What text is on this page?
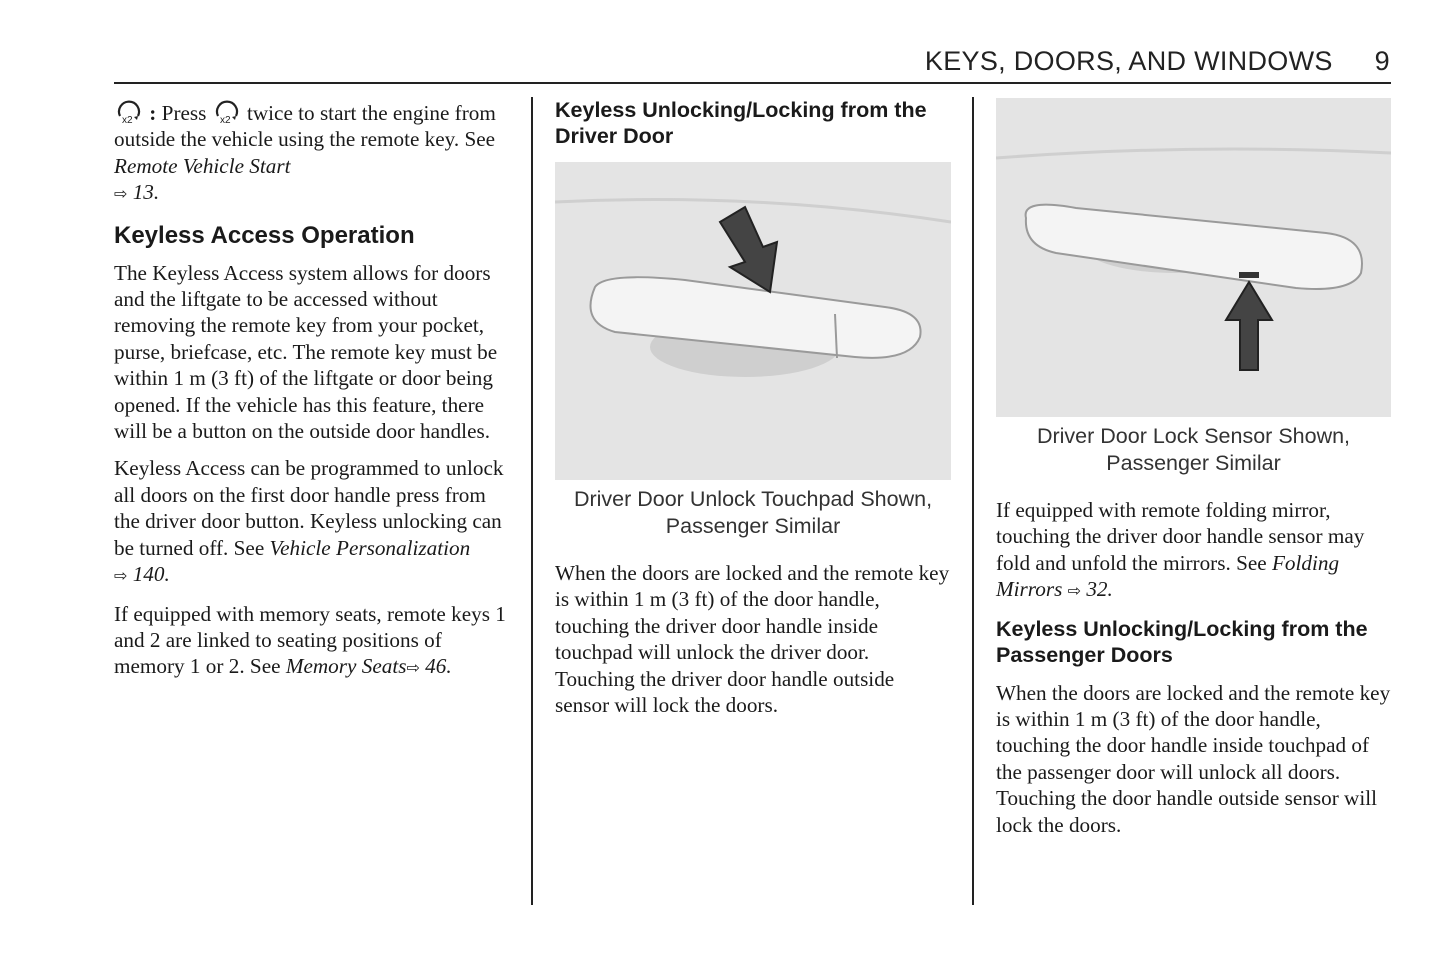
KEYS, DOORS, AND WINDOWS 9

x2 : Press x2 twice to start the engine from outside the vehicle using the remote key. See Remote Vehicle Start
⇨ 13.

Keyless Access Operation

The Keyless Access system allows for doors and the liftgate to be accessed without removing the remote key from your pocket, purse, briefcase, etc. The remote key must be within 1 m (3 ft) of the liftgate or door being opened. If the vehicle has this feature, there will be a button on the outside door handles.

Keyless Access can be programmed to unlock all doors on the first door handle press from the driver door button. Keyless unlocking can be turned off. See Vehicle Personalization
⇨ 140.

If equipped with memory seats, remote keys 1 and 2 are linked to seating positions of memory 1 or 2. See Memory Seats⇨ 46.

Keyless Unlocking/Locking from the Driver Door
Driver Door Unlock Touchpad Shown, Passenger Similar

When the doors are locked and the remote key is within 1 m (3 ft) of the door handle, touching the driver door handle inside touchpad will unlock the driver door. Touching the driver door handle outside sensor will lock the doors.

Driver Door Lock Sensor Shown, Passenger Similar

If equipped with remote folding mirror, touching the driver door handle sensor may fold and unfold the mirrors. See Folding Mirrors ⇨ 32.

Keyless Unlocking/Locking from the Passenger Doors

When the doors are locked and the remote key is within 1 m (3 ft) of the door handle, touching the door handle inside touchpad of the passenger door will unlock all doors. Touching the door handle outside sensor will lock the doors.
